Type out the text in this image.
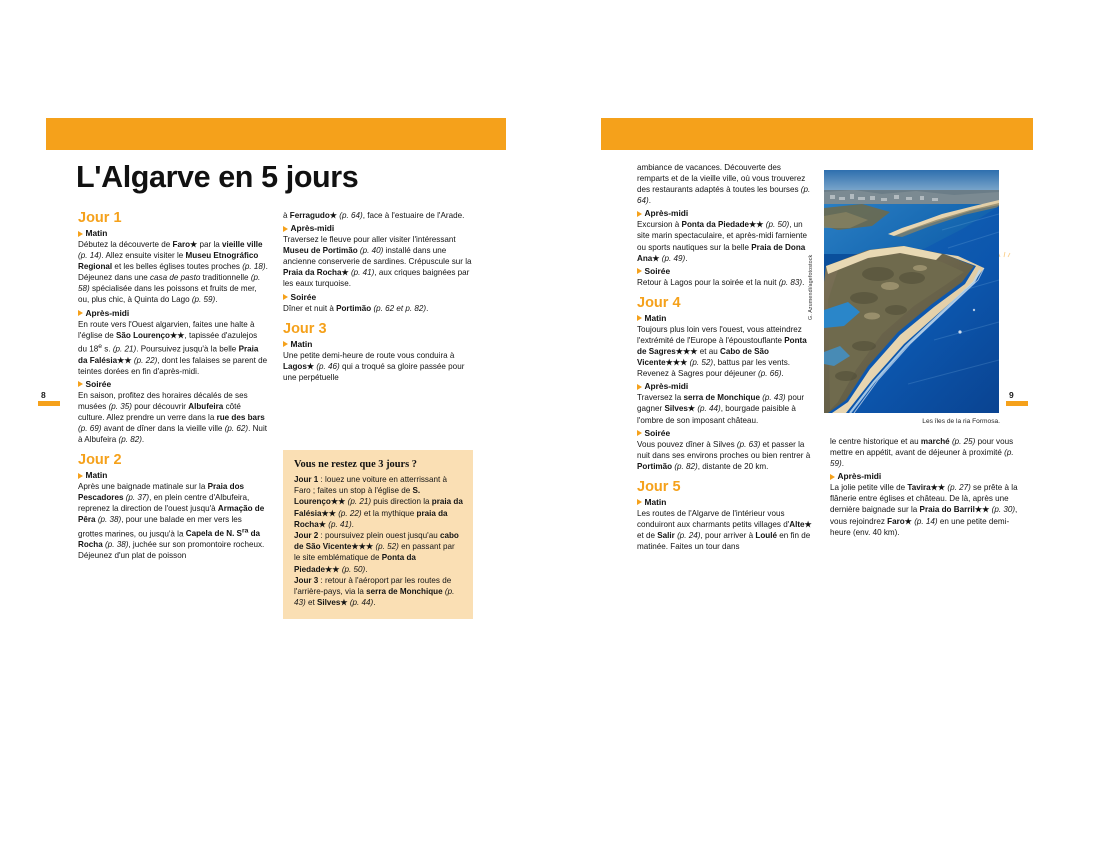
8
L'Algarve en 5 jours
Jour 1
Matin

Débutez la découverte de Faro★ par la vieille ville (p. 14). Allez ensuite visiter le Museu Etnográfico Regional et les belles églises toutes proches (p. 18). Déjeunez dans une casa de pasto traditionnelle (p. 58) spécialisée dans les poissons et fruits de mer, ou, plus chic, à Quinta do Lago (p. 59).

Après-midi

En route vers l'Ouest algarvien, faites une halte à l'église de São Lourenço★★, tapissée d'azulejos du 18e s. (p. 21). Poursuivez jusqu'à la belle Praia da Falésia★★ (p. 22), dont les falaises se parent de teintes dorées en fin d'après-midi.

Soirée

En saison, profitez des horaires décalés de ses musées (p. 35) pour découvrir Albufeira côté culture. Allez prendre un verre dans la rue des bars (p. 69) avant de dîner dans la vieille ville (p. 62). Nuit à Albufeira (p. 82).

Jour 2
Matin

Après une baignade matinale sur la Praia dos Pescadores (p. 37), en plein centre d'Albufeira, reprenez la direction de l'ouest jusqu'à Armação de Pêra (p. 38), pour une balade en mer vers les grottes marines, ou jusqu'à la Capela de N. $S^{ra}$ da Rocha (p. 38), juchée sur son promontoire rocheux. Déjeunez d'un plat de poisson

à Ferragudo★ (p. 64), face à l'estuaire de l'Arade.

Après-midi

Traversez le fleuve pour aller visiter l'intéressant Museu de Portimão (p. 40) installé dans une ancienne conserverie de sardines. Crépuscule sur la Praia da Rocha★ (p. 41), aux criques baignées par les eaux turquoise.

Soirée

Dîner et nuit à Portimão (p. 62 et p. 82).

Jour 3
Matin

Une petite demi-heure de route vous conduira à Lagos★ (p. 46) qui a troqué sa gloire passée pour une perpétuelle

Vous ne restez que 3 jours ?

Jour 1 : louez une voiture en atterrissant à Faro ; faites un stop à l'église de S. Lourenço★★ (p. 21) puis direction la praia da Falésia★★ (p. 22) et la mythique praia da Rocha★ (p. 41).

Jour 2 : poursuivez plein ouest jusqu'au cabo de São Vicente★★★ (p. 52) en passant par le site emblématique de Ponta da Piedade★★ (p. 50).

Jour 3 : retour à l'aéroport par les routes de l'arrière-pays, via la serra de Monchique (p. 43) et Silves★ (p. 44).

9

ambiance de vacances. Découverte des remparts et de la vieille ville, où vous trouverez des restaurants adaptés à toutes les bourses (p. 64).

Après-midi

Excursion à Ponta da Piedade★★ (p. 50), un site marin spectaculaire, et après-midi farniente ou sports nautiques sur la belle Praia de Dona Ana★ (p. 49).

Soirée

Retour à Lagos pour la soirée et la nuit (p. 83).

Jour 4
Matin

Toujours plus loin vers l'ouest, vous atteindrez l'extrémité de l'Europe à l'époustouflante Ponta de Sagres★★★ et au Cabo de São Vicente★★★ (p. 52), battus par les vents. Revenez à Sagres pour déjeuner (p. 66).

Après-midi

Traversez la serra de Monchique (p. 43) pour gagner Silves★ (p. 44), bourgade paisible à l'ombre de son imposant château.

Soirée

Vous pouvez dîner à Silves (p. 63) et passer la nuit dans ses environs proches ou bien rentrer à Portimão (p. 82), distante de 20 km.

Jour 5
Matin

Les routes de l'Algarve de l'intérieur vous conduiront aux charmants petits villages d'Alte★ et de Salir (p. 24), pour arriver à Loulé en fin de matinée. Faites un tour dans

le centre historique et au marché (p. 25) pour vous mettre en appétit, avant de déjeuner à proximité (p. 59).

Après-midi

La jolie petite ville de Tavira★★ (p. 27) se prête à la flânerie entre églises et château. De là, après une dernière baignade sur la Praia do Barril★★ (p. 30), vous rejoindrez Faro★ (p. 14) en une petite demi-heure (env. 40 km).

G. Azumendi/agefotostock
Les îles de la ria Formosa.
